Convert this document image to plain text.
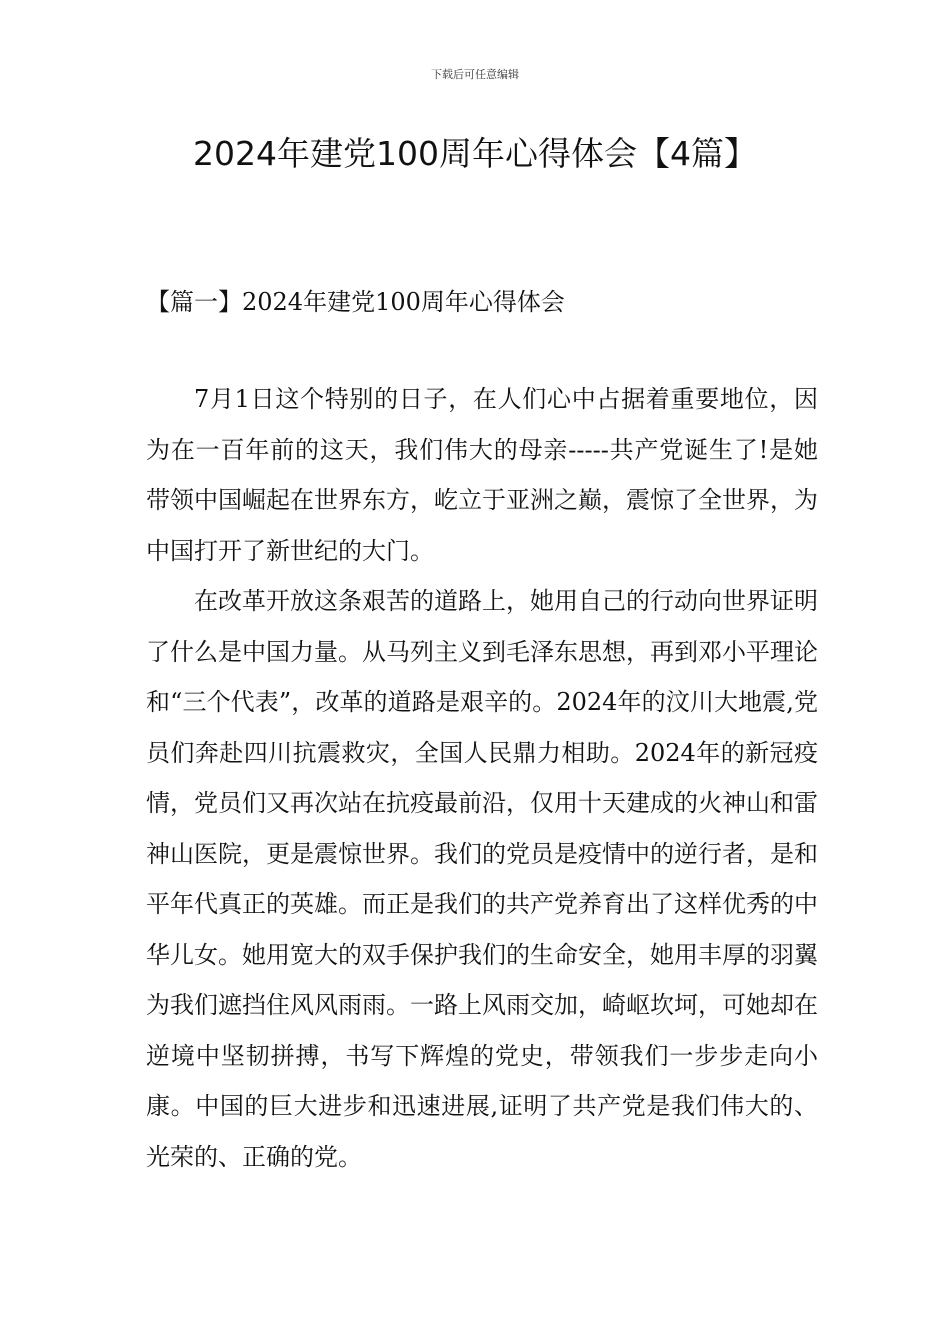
下载后可任意编辑
2024年建党100周年心得体会【4篇】
【篇一】2024年建党100周年心得体会

7月1日这个特别的日子，在人们心中占据着重要地位，因为在一百年前的这天，我们伟大的母亲-----共产党诞生了!是她带领中国崛起在世界东方，屹立于亚洲之巅，震惊了全世界，为中国打开了新世纪的大门。

在改革开放这条艰苦的道路上，她用自己的行动向世界证明了什么是中国力量。从马列主义到毛泽东思想，再到邓小平理论和“三个代表”，改革的道路是艰辛的。2024年的汶川大地震,党员们奔赴四川抗震救灾，全国人民鼎力相助。2024年的新冠疫情，党员们又再次站在抗疫最前沿，仅用十天建成的火神山和雷神山医院，更是震惊世界。我们的党员是疫情中的逆行者，是和平年代真正的英雄。而正是我们的共产党养育出了这样优秀的中华儿女。她用宽大的双手保护我们的生命安全，她用丰厚的羽翼为我们遮挡住风风雨雨。一路上风雨交加，崎岖坎坷，可她却在逆境中坚韧拼搏，书写下辉煌的党史，带领我们一步步走向小康。中国的巨大进步和迅速进展,证明了共产党是我们伟大的、光荣的、正确的党。
